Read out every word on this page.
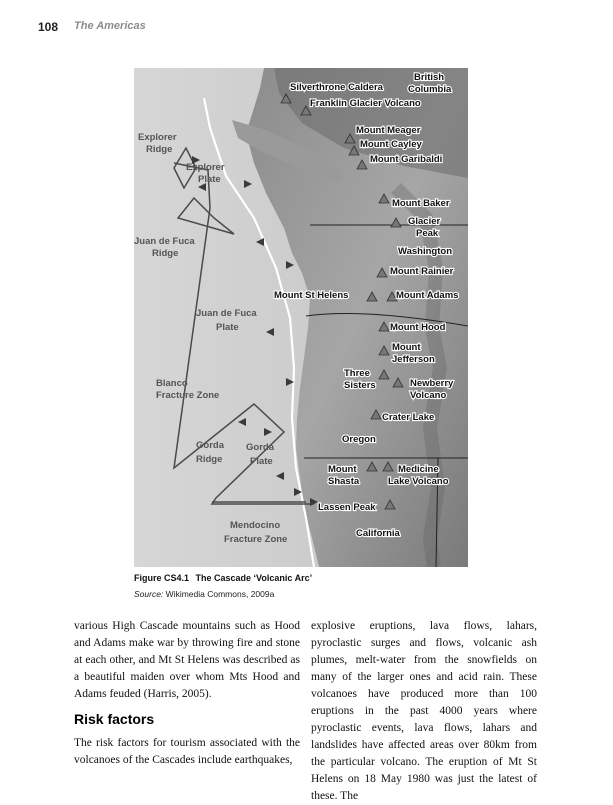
108 The Americas
Silverthrone Caldera
Franklin Glacier Volcano
Mount Meager
Mount Cayley
Mount Garibaldi
Mount Baker
Glacier
Peak
Mount Rainier
Mount Adams
Mount St Helens
Mount Hood
Mount
Jefferson
Three
Sisters	Newberry
Volcano
Crater Lake
Mount
Shasta
Medicine
Lake Volcano
Lassen Peak
British
Columbia
Washington
Oregon
California
Explorer
Ridge
Explorer
Plate
Juan de Fuca
Ridge
Juan de Fuca
Plate
Blanco
Fracture Zone
Gorda
Ridge
Gorda
Plate
Mendocino
Fracture Zone
Figure CS4.1 The Cascade ‘Volcanic Arc’
Source: Wikimedia Commons, 2009a

various High Cascade mountains such as Hood and Adams make war by throwing fire and stone at each other, and Mt St Helens was described as a beautiful maiden over whom Mts Hood and Adams feuded (Harris, 2005).

Risk factors

The risk factors for tourism associated with the volcanoes of the Cascades include earthquakes,

explosive eruptions, lava flows, lahars, pyroclastic surges and flows, volcanic ash plumes, melt-water from the snowfields on many of the larger ones and acid rain. These volcanoes have produced more than 100 eruptions in the past 4000 years where pyroclastic events, lava flows, lahars and landslides have affected areas over 80km from the particular volcano. The eruption of Mt St Helens on 18 May 1980 was just the latest of these. The
